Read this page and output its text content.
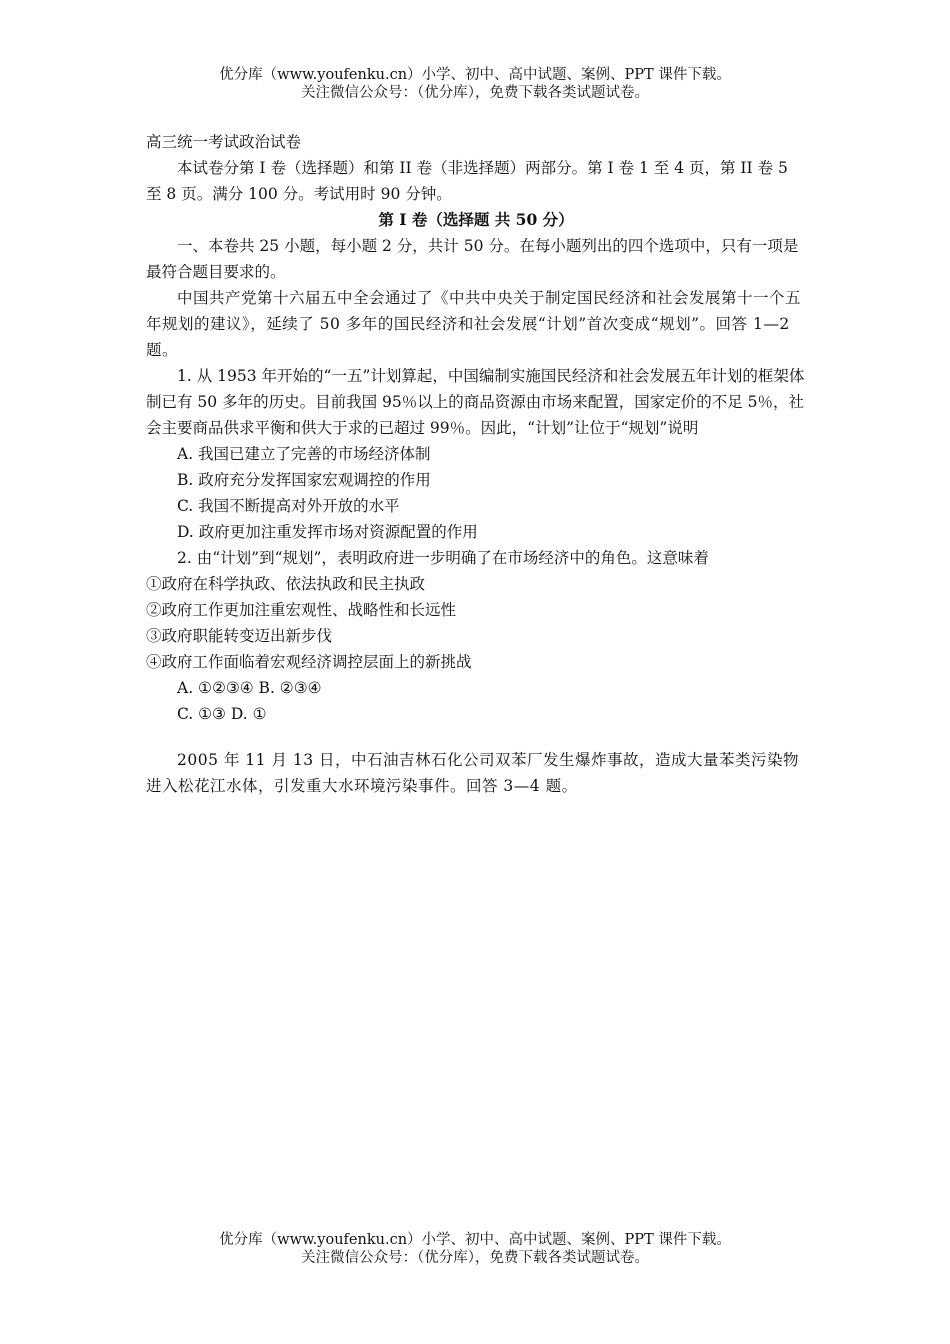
优分库（www.youfenku.cn）小学、初中、高中试题、案例、PPT 课件下载。
关注微信公众号：（优分库），免费下载各类试题试卷。

高三统一考试政治试卷

本试卷分第 I 卷（选择题）和第 II 卷（非选择题）两部分。第 I 卷 1 至 4 页，第 II 卷 5 至 8 页。满分 100 分。考试用时 90 分钟。

第 I 卷（选择题 共 50 分）

一、本卷共 25 小题，每小题 2 分，共计 50 分。在每小题列出的四个选项中，只有一项是最符合题目要求的。

中国共产党第十六届五中全会通过了《中共中央关于制定国民经济和社会发展第十一个五年规划的建议》，延续了 50 多年的国民经济和社会发展“计划”首次变成“规划”。回答 1—2 题。

1. 从 1953 年开始的“一五”计划算起，中国编制实施国民经济和社会发展五年计划的框架体制已有 50 多年的历史。目前我国 95％以上的商品资源由市场来配置，国家定价的不足 5％，社会主要商品供求平衡和供大于求的已超过 99％。因此，“计划”让位于“规划”说明

A. 我国已建立了完善的市场经济体制

B. 政府充分发挥国家宏观调控的作用

C. 我国不断提高对外开放的水平

D. 政府更加注重发挥市场对资源配置的作用

2. 由“计划”到“规划”，表明政府进一步明确了在市场经济中的角色。这意味着

①政府在科学执政、依法执政和民主执政

②政府工作更加注重宏观性、战略性和长远性

③政府职能转变迈出新步伐

④政府工作面临着宏观经济调控层面上的新挑战

A. ①②③④ B. ②③④

C. ①③ D. ①

2005 年 11 月 13 日，中石油吉林石化公司双苯厂发生爆炸事故，造成大量苯类污染物进入松花江水体，引发重大水环境污染事件。回答 3—4 题。

优分库（www.youfenku.cn）小学、初中、高中试题、案例、PPT 课件下载。
关注微信公众号：（优分库），免费下载各类试题试卷。
